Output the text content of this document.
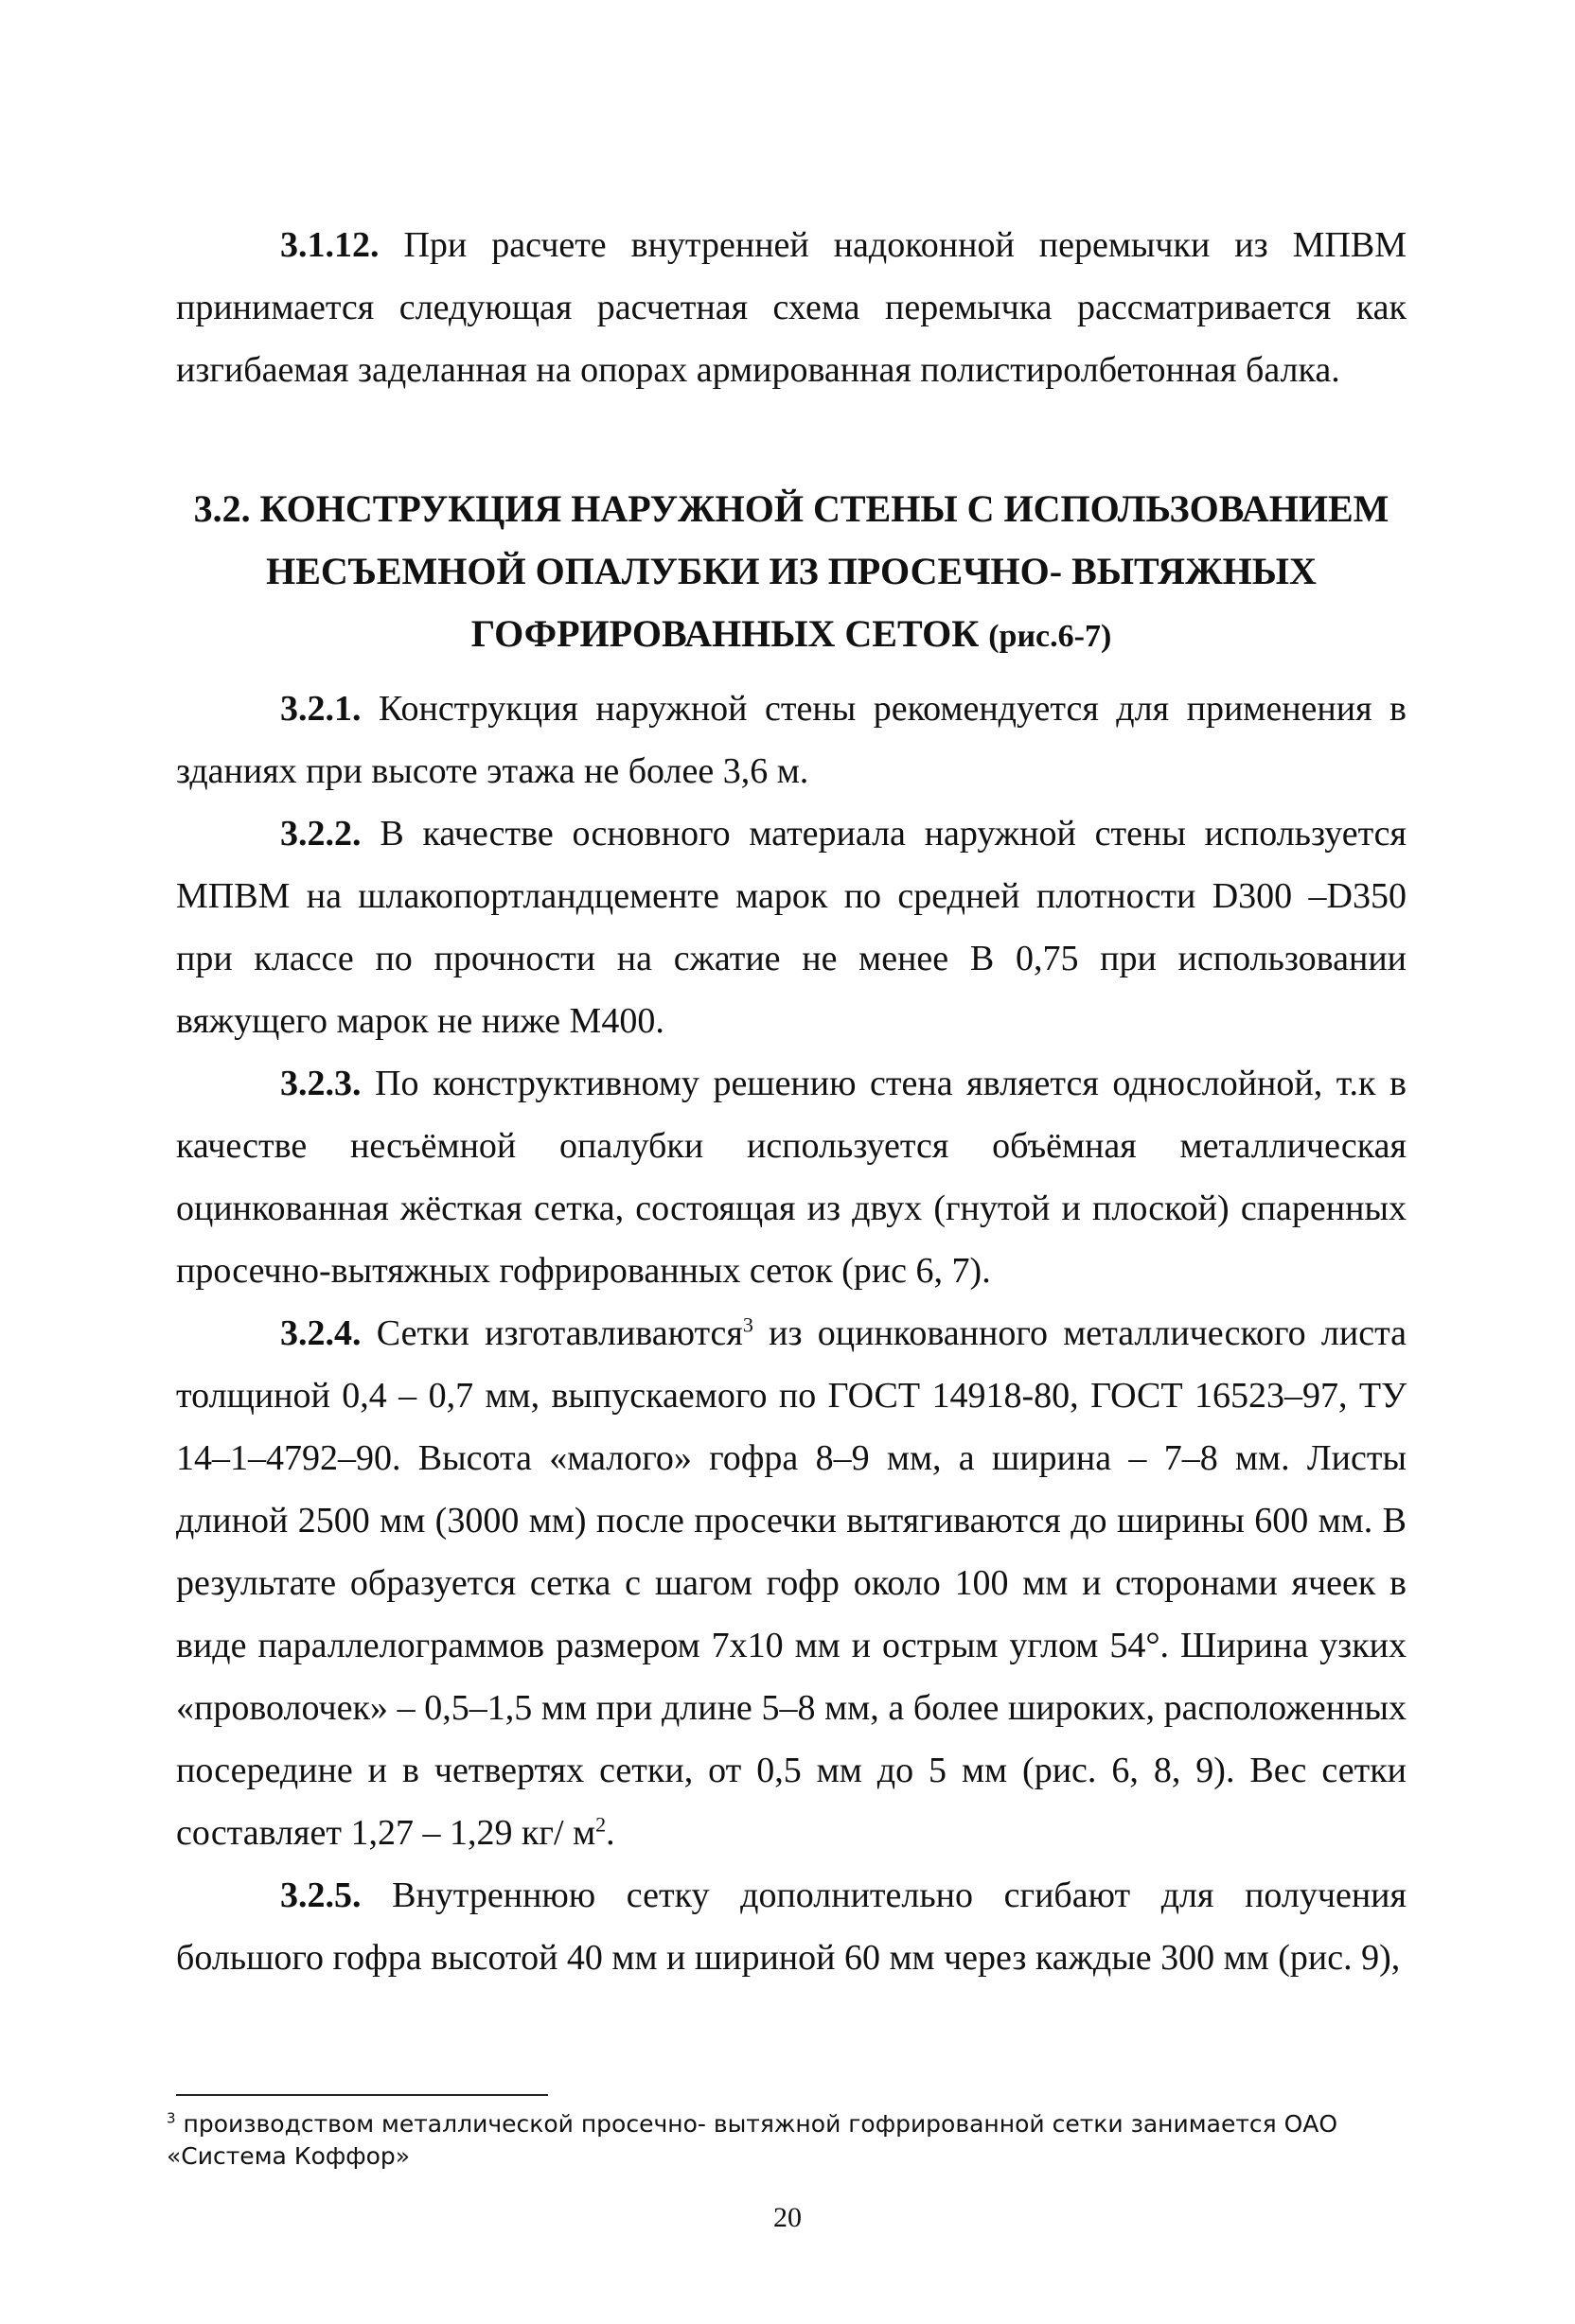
3.1.12. При расчете внутренней надоконной перемычки из МПВМ принимается следующая расчетная схема перемычка рассматривается как изгибаемая заделанная на опорах армированная полистиролбетонная балка.

3.2. КОНСТРУКЦИЯ НАРУЖНОЙ СТЕНЫ С ИСПОЛЬЗОВАНИЕМ НЕСЪЕМНОЙ ОПАЛУБКИ ИЗ ПРОСЕЧНО- ВЫТЯЖНЫХ ГОФРИРОВАННЫХ СЕТОК (рис.6-7)

3.2.1. Конструкция наружной стены рекомендуется для применения в зданиях при высоте этажа не более 3,6 м.

3.2.2. В качестве основного материала наружной стены используется МПВМ на шлакопортландцементе марок по средней плотности D300 –D350 при классе по прочности на сжатие не менее В 0,75 при использовании вяжущего марок не ниже М400.

3.2.3. По конструктивному решению стена является однослойной, т.к в качестве несъёмной опалубки используется объёмная металлическая оцинкованная жёсткая сетка, состоящая из двух (гнутой и плоской) спаренных просечно-вытяжных гофрированных сеток (рис 6, 7).

3.2.4. Сетки изготавливаются$^3$ из оцинкованного металлического листа толщиной 0,4 – 0,7 мм, выпускаемого по ГОСТ 14918-80, ГОСТ 16523–97, ТУ 14–1–4792–90. Высота «малого» гофра 8–9 мм, а ширина – 7–8 мм. Листы длиной 2500 мм (3000 мм) после просечки вытягиваются до ширины 600 мм. В результате образуется сетка с шагом гофр около 100 мм и сторонами ячеек в виде параллелограммов размером 7х10 мм и острым углом 54°. Ширина узких «проволочек» – 0,5–1,5 мм при длине 5–8 мм, а более широких, расположенных посередине и в четвертях сетки, от 0,5 мм до 5 мм (рис. 6, 8, 9). Вес сетки составляет 1,27 – 1,29 кг/ $м^2$.

3.2.5. Внутреннюю сетку дополнительно сгибают для получения большого гофра высотой 40 мм и шириной 60 мм через каждые 300 мм (рис. 9),

$^3$ производством металлической просечно- вытяжной гофрированной сетки занимается ОАО «Система Коффор»
20
